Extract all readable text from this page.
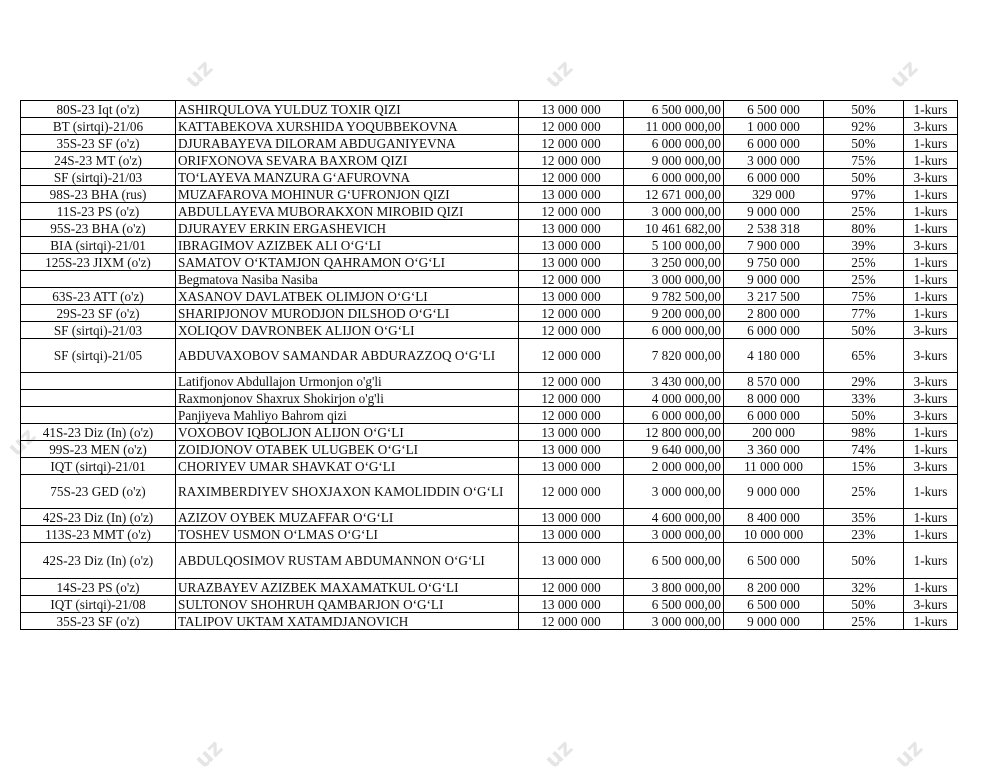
uz	uz	uz
uz
uz	uz	uz
80S-23 Iqt (o'z)	ASHIRQULOVA YULDUZ TOXIR QIZI	13 000 000	6 500 000,00	6 500 000	50%	1-kurs
BT (sirtqi)-21/06	KATTABEKOVA XURSHIDA YOQUBBEKOVNA	12 000 000	11 000 000,00	1 000 000	92%	3-kurs
35S-23 SF (o'z)	DJURABAYEVA DILORAM ABDUGANIYEVNA	12 000 000	6 000 000,00	6 000 000	50%	1-kurs
24S-23 MT (o'z)	ORIFXONOVA SEVARA BAXROM QIZI	12 000 000	9 000 000,00	3 000 000	75%	1-kurs
SF (sirtqi)-21/03	TOʻLAYEVA MANZURA GʻAFUROVNA	12 000 000	6 000 000,00	6 000 000	50%	3-kurs
98S-23 BHA (rus)	MUZAFAROVA MOHINUR GʻUFRONJON QIZI	13 000 000	12 671 000,00	329 000	97%	1-kurs
11S-23 PS (o'z)	ABDULLAYEVA MUBORAKXON MIROBID QIZI	12 000 000	3 000 000,00	9 000 000	25%	1-kurs
95S-23 BHA (o'z)	DJURAYEV ERKIN ERGASHEVICH	13 000 000	10 461 682,00	2 538 318	80%	1-kurs
BIA (sirtqi)-21/01	IBRAGIMOV AZIZBEK ALI OʻGʻLI	13 000 000	5 100 000,00	7 900 000	39%	3-kurs
125S-23 JIXM (o'z)	SAMATOV OʻKTAMJON QAHRAMON OʻGʻLI	13 000 000	3 250 000,00	9 750 000	25%	1-kurs
	Begmatova Nasiba Nasiba	12 000 000	3 000 000,00	9 000 000	25%	1-kurs
63S-23 ATT (o'z)	XASANOV DAVLATBEK OLIMJON OʻGʻLI	13 000 000	9 782 500,00	3 217 500	75%	1-kurs
29S-23 SF (o'z)	SHARIPJONOV MURODJON DILSHOD OʻGʻLI	12 000 000	9 200 000,00	2 800 000	77%	1-kurs
SF (sirtqi)-21/03	XOLIQOV DAVRONBEK ALIJON OʻGʻLI	12 000 000	6 000 000,00	6 000 000	50%	3-kurs
SF (sirtqi)-21/05	ABDUVAXOBOV SAMANDAR ABDURAZZOQ OʻGʻLI	12 000 000	7 820 000,00	4 180 000	65%	3-kurs
	Latifjonov Abdullajon Urmonjon o'g'li	12 000 000	3 430 000,00	8 570 000	29%	3-kurs
	Raxmonjonov Shaxrux Shokirjon o'g'li	12 000 000	4 000 000,00	8 000 000	33%	3-kurs
	Panjiyeva Mahliyo Bahrom qizi	12 000 000	6 000 000,00	6 000 000	50%	3-kurs
41S-23 Diz (In) (o'z)	VOXOBOV IQBOLJON ALIJON OʻGʻLI	13 000 000	12 800 000,00	200 000	98%	1-kurs
99S-23 MEN (o'z)	ZOIDJONOV OTABEK ULUGBEK OʻGʻLI	13 000 000	9 640 000,00	3 360 000	74%	1-kurs
IQT (sirtqi)-21/01	CHORIYEV UMAR SHAVKAT OʻGʻLI	13 000 000	2 000 000,00	11 000 000	15%	3-kurs
75S-23 GED (o'z)	RAXIMBERDIYEV SHOXJAXON KAMOLIDDIN OʻGʻLI	12 000 000	3 000 000,00	9 000 000	25%	1-kurs
42S-23 Diz (In) (o'z)	AZIZOV OYBEK MUZAFFAR OʻGʻLI	13 000 000	4 600 000,00	8 400 000	35%	1-kurs
113S-23 MMT (o'z)	TOSHEV USMON OʻLMAS OʻGʻLI	13 000 000	3 000 000,00	10 000 000	23%	1-kurs
42S-23 Diz (In) (o'z)	ABDULQOSIMOV RUSTAM ABDUMANNON OʻGʻLI	13 000 000	6 500 000,00	6 500 000	50%	1-kurs
14S-23 PS (o'z)	URAZBAYEV AZIZBEK MAXAMATKUL OʻGʻLI	12 000 000	3 800 000,00	8 200 000	32%	1-kurs
IQT (sirtqi)-21/08	SULTONOV SHOHRUH QAMBARJON OʻGʻLI	13 000 000	6 500 000,00	6 500 000	50%	3-kurs
35S-23 SF (o'z)	TALIPOV UKTAM XATAMDJANOVICH	12 000 000	3 000 000,00	9 000 000	25%	1-kurs
